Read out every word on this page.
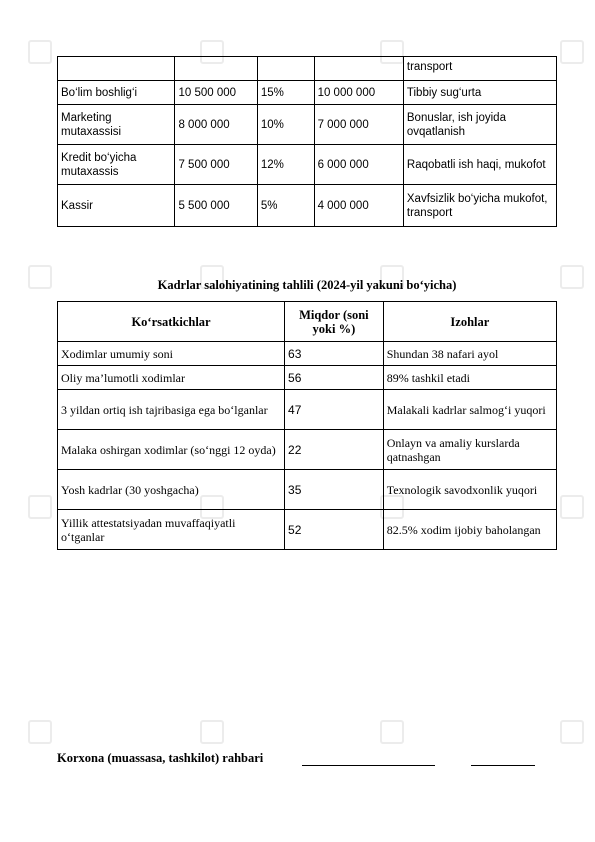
				transport
Bo‘lim boshlig‘i	10 500 000	15%	10 000 000	Tibbiy sug‘urta
Marketing mutaxassisi	8 000 000	10%	7 000 000	Bonuslar, ish joyida ovqatlanish
Kredit bo‘yicha mutaxassis	7 500 000	12%	6 000 000	Raqobatli ish haqi, mukofot
Kassir	5 500 000	5%	4 000 000	Xavfsizlik bo‘yicha mukofot, transport
Kadrlar salohiyatining tahlili (2024-yil yakuni bo‘yicha)
Ko‘rsatkichlar	Miqdor (soni yoki %)	Izohlar
Xodimlar umumiy soni	63	Shundan 38 nafari ayol
Oliy ma’lumotli xodimlar	56	89% tashkil etadi
3 yildan ortiq ish tajribasiga ega bo‘lganlar	47	Malakali kadrlar salmog‘i yuqori
Malaka oshirgan xodimlar (so‘nggi 12 oyda)	22	Onlayn va amaliy kurslarda qatnashgan
Yosh kadrlar (30 yoshgacha)	35	Texnologik savodxonlik yuqori
Yillik attestatsiyadan muvaffaqiyatli o‘tganlar	52	82.5% xodim ijobiy baholangan
Korxona (muassasa, tashkilot) rahbari
